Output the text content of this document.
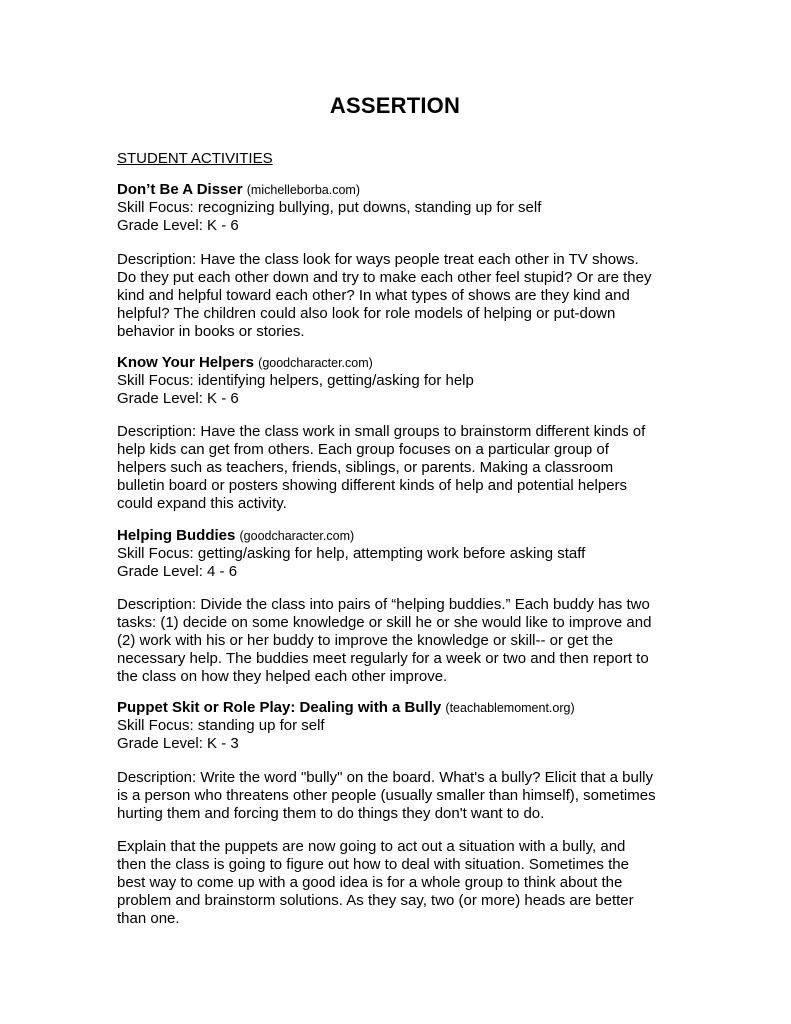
ASSERTION
STUDENT ACTIVITIES
Don’t Be A Disser (michelleborba.com)
Skill Focus: recognizing bullying, put downs, standing up for self
Grade Level: K - 6
Description: Have the class look for ways people treat each other in TV shows.
Do they put each other down and try to make each other feel stupid? Or are they
kind and helpful toward each other? In what types of shows are they kind and
helpful? The children could also look for role models of helping or put-down
behavior in books or stories.
Know Your Helpers (goodcharacter.com)
Skill Focus: identifying helpers, getting/asking for help
Grade Level: K - 6
Description: Have the class work in small groups to brainstorm different kinds of
help kids can get from others. Each group focuses on a particular group of
helpers such as teachers, friends, siblings, or parents. Making a classroom
bulletin board or posters showing different kinds of help and potential helpers
could expand this activity.
Helping Buddies (goodcharacter.com)
Skill Focus: getting/asking for help, attempting work before asking staff
Grade Level: 4 - 6
Description: Divide the class into pairs of “helping buddies.” Each buddy has two
tasks: (1) decide on some knowledge or skill he or she would like to improve and
(2) work with his or her buddy to improve the knowledge or skill-- or get the
necessary help. The buddies meet regularly for a week or two and then report to
the class on how they helped each other improve.
Puppet Skit or Role Play: Dealing with a Bully (teachablemoment.org)
Skill Focus: standing up for self
Grade Level: K - 3
Description: Write the word "bully" on the board. What's a bully? Elicit that a bully
is a person who threatens other people (usually smaller than himself), sometimes
hurting them and forcing them to do things they don't want to do.
Explain that the puppets are now going to act out a situation with a bully, and
then the class is going to figure out how to deal with situation. Sometimes the
best way to come up with a good idea is for a whole group to think about the
problem and brainstorm solutions. As they say, two (or more) heads are better
than one.
